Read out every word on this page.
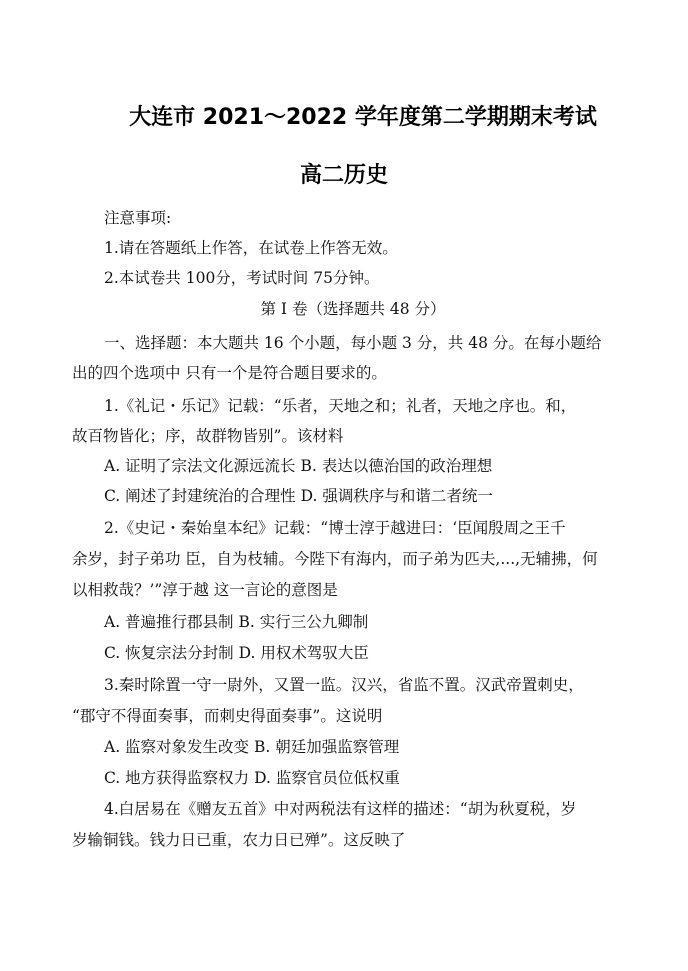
大连市 2021～2022 学年度第二学期期末考试
高二历史
注意事项:
1.请在答题纸上作答，在试卷上作答无效。
2.本试卷共 100分，考试时间 75分钟。
第 I 卷（选择题共 48 分）
一、选择题：本大题共 16 个小题，每小题 3 分，共 48 分。在每小题给
出的四个选项中 只有一个是符合题目要求的。
1.《礼记・乐记》记载：“乐者，天地之和；礼者，天地之序也。和，
故百物皆化；序，故群物皆别”。该材料
A. 证明了宗法文化源远流长 B. 表达以德治国的政治理想
C. 阐述了封建统治的合理性 D. 强调秩序与和谐二者统一
2.《史记・秦始皇本纪》记载：“博士淳于越进曰：‘臣闻殷周之王千
余岁，封子弟功 臣，自为枝辅。今陛下有海内，而子弟为匹夫,...,无辅拂，何
以相救哉？’”淳于越 这一言论的意图是
A. 普遍推行郡县制 B. 实行三公九卿制
C. 恢复宗法分封制 D. 用权术驾驭大臣
3.秦时除置一守一尉外，又置一监。汉兴，省监不置。汉武帝置刺史，
“郡守不得面奏事，而刺史得面奏事”。这说明
A. 监察对象发生改变 B. 朝廷加强监察管理
C. 地方获得监察权力 D. 监察官员位低权重
4.白居易在《赠友五首》中对两税法有这样的描述：“胡为秋夏税，岁
岁输铜钱。钱力日已重，农力日已殚”。这反映了
